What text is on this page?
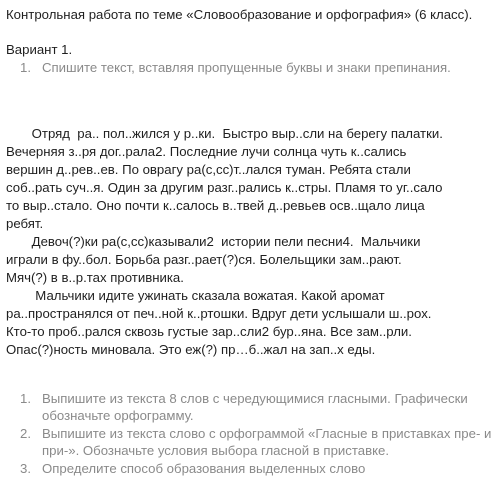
Контрольная работа по теме «Словообразование и орфография» (6 класс).
Вариант 1.
1. Спишите текст, вставляя пропущенные буквы и знаки препинания.
Отряд  ра.. пол..жился у р..ки.  Быстро выр..сли на берегу палатки.
Вечерняя з..ря дог..ралa2. Последние лучи солнца чуть к..сались
вершин д..рев..ев. По оврагу ра(с,сс)т..лался туман. Ребята стали
соб..рать суч..я. Один за другим разг..рались к..стры. Пламя то уг..сало
то выр..стало. Оно почти к..салось в..твей д..ревьев осв..щало лица
ребят.
Девоч(?)ки ра(с,сс)казывали2  истории пели песни4.  Мальчики
играли в фу..бол. Борьба разг..рает(?)ся. Болельщики зам..рают.
Мяч(?) в в..р.тах противника.
Мальчики идите ужинать сказала вожатая. Какой аромат
ра..пространялся от печ..ной к..ртошки. Вдруг дети услышали ш..рох.
Кто-то проб..рался сквозь густые зар..сли2 бур..яна. Все зам..рли.
Опас(?)ность миновала. Это еж(?) пр…б..жал на зап..х еды.
1. Выпишите из текста 8 слов с чередующимися гласными. Графически обозначьте орфограмму.
2. Выпишите из текста слово с орфограммой «Гласные в приставках пре- и при-». Обозначьте условия выбора гласной в приставке.
3. Определите способ образования выделенных слово
